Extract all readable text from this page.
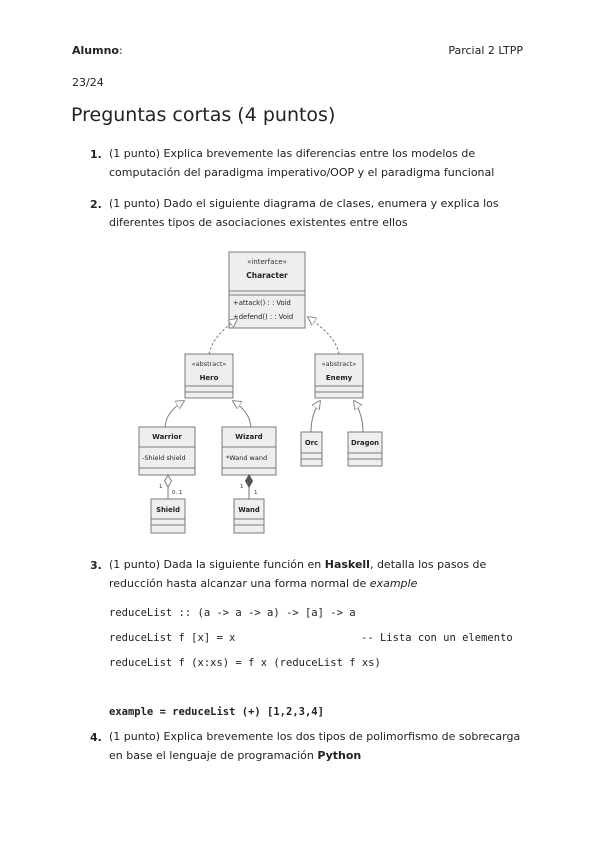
Alumno:	Parcial 2 LTPP
23/24
Preguntas cortas (4 puntos)
1. (1 punto) Explica brevemente las diferencias entre los modelos de
computación del paradigma imperativo/OOP y el paradigma funcional
2. (1 punto) Dado el siguiente diagrama de clases, enumera y explica los
diferentes tipos de asociaciones existentes entre ellos
«interface»
Character
+attack() : : Void
+defend() : : Void
«abstract»
Hero
«abstract»
Enemy
Warrior
-Shield shield
Wizard
*Wand wand
Orc	Dragon
Shield	Wand
1
0..1
1
1
3. (1 punto) Dada la siguiente función en Haskell, detalla los pasos de
reducción hasta alcanzar una forma normal de example
reduceList :: (a -> a -> a) -> [a] -> a
reduceList f [x] = x	-- Lista con un elemento
reduceList f (x:xs) = f x (reduceList f xs)
example = reduceList (+) [1,2,3,4]
4. (1 punto) Explica brevemente los dos tipos de polimorfismo de sobrecarga
en base el lenguaje de programación Python
